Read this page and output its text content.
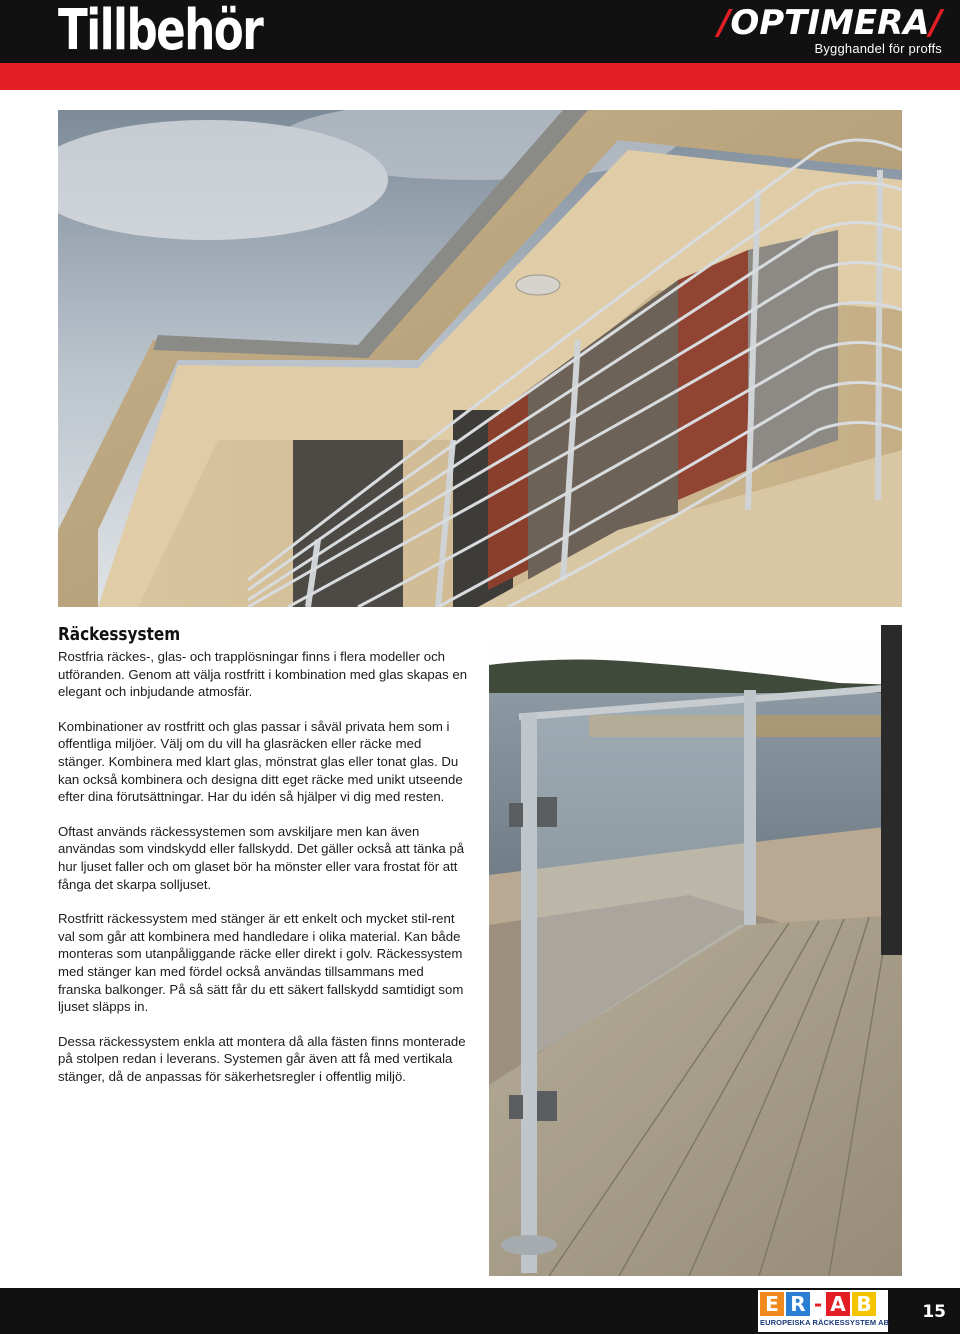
Tillbehör	/OPTIMERA/
Bygghandel för proffs
Räckessystem

Rostfria räckes-, glas- och trapplösningar finns i flera modeller och utföranden. Genom att välja rostfritt i kombination med glas skapas en elegant och inbjudande atmosfär.

Kombinationer av rostfritt och glas passar i såväl privata hem som i offentliga miljöer. Välj om du vill ha glasräcken eller räcke med stänger. Kombinera med klart glas, mönstrat glas eller tonat glas. Du kan också kombinera och designa ditt eget räcke med unikt utseende efter dina förutsättningar. Har du idén så hjälper vi dig med resten.

Oftast används räckessystemen som avskiljare men kan även användas som vindskydd eller fallskydd. Det gäller också att tänka på hur ljuset faller och om glaset bör ha mönster eller vara frostat för att fånga det skarpa solljuset.

Rostfritt räckessystem med stänger är ett enkelt och mycket stil-rent val som går att kombinera med handledare i olika material. Kan både monteras som utanpåliggande räcke eller direkt i golv. Räckessystem med stänger kan med fördel också användas tillsammans med franska balkonger. På så sätt får du ett säkert fallskydd samtidigt som ljuset släpps in.

Dessa räckessystem enkla att montera då alla fästen finns monterade på stolpen redan i leverans. Systemen går även att få med vertikala stänger, då de anpassas för säkerhetsregler i offentlig miljö.

E R - A B
EUROPEISKA RÄCKESSYSTEM AB
15
